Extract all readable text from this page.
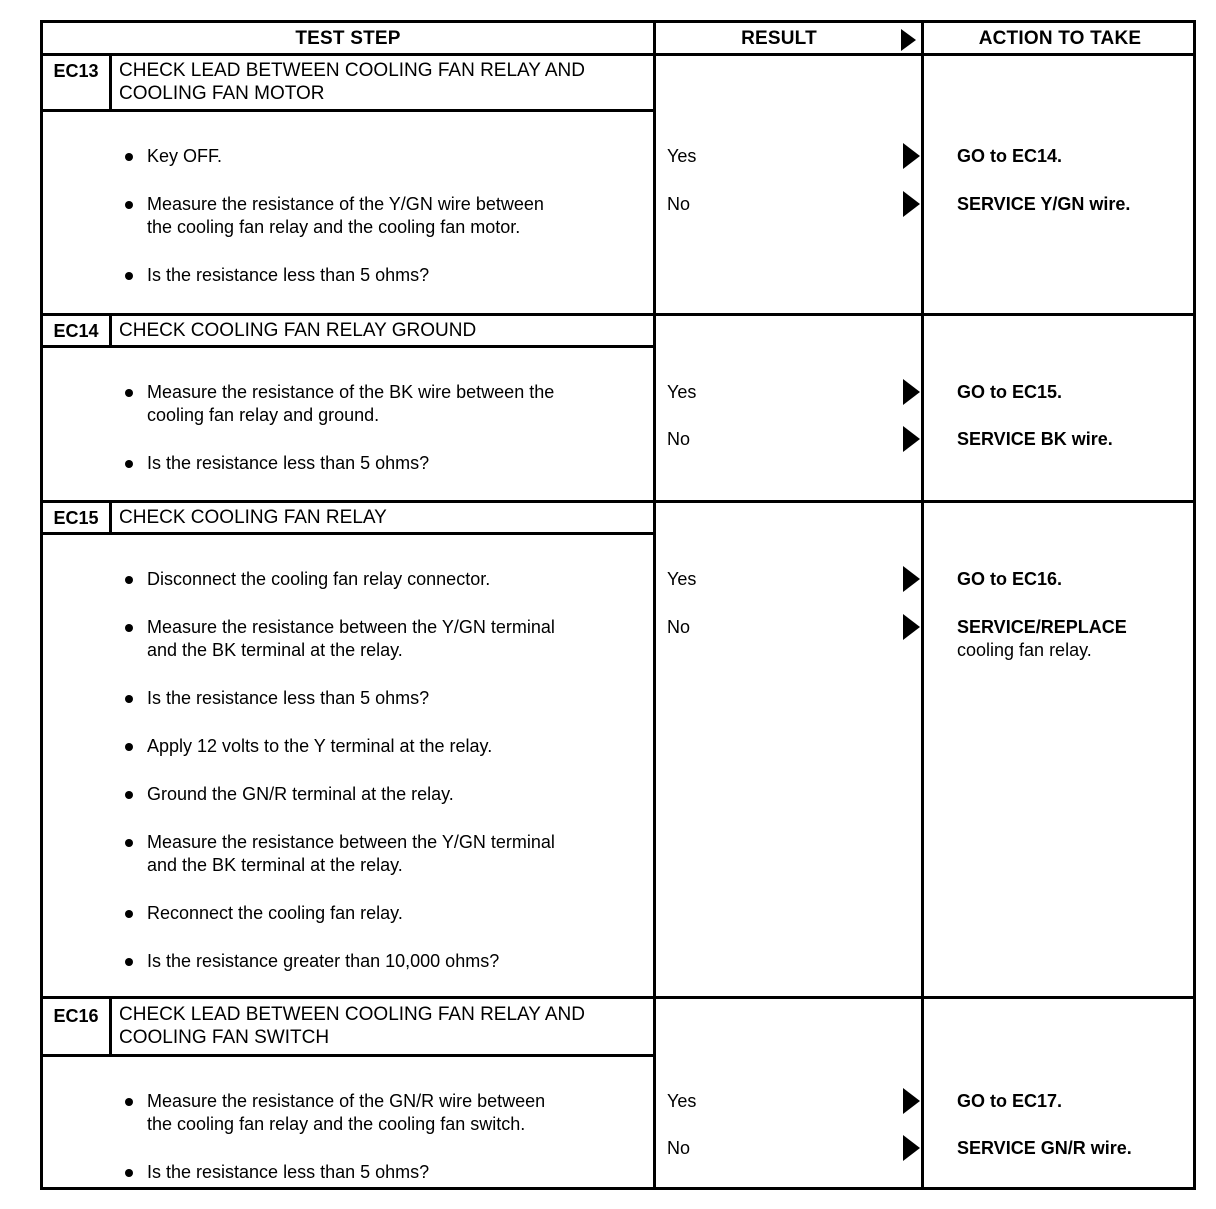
TEST STEP	RESULT	ACTION TO TAKE
EC13	CHECK LEAD BETWEEN COOLING FAN RELAY AND
COOLING FAN MOTOR
Key OFF.
Measure the resistance of the Y/GN wire between the cooling fan relay and the cooling fan motor.
Is the resistance less than 5 ohms?
Yes	GO to EC14.
No	SERVICE Y/GN wire.
EC14	CHECK COOLING FAN RELAY GROUND
Measure the resistance of the BK wire between the cooling fan relay and ground.
Is the resistance less than 5 ohms?
Yes	GO to EC15.
No	SERVICE BK wire.
EC15	CHECK COOLING FAN RELAY
Disconnect the cooling fan relay connector.
Measure the resistance between the Y/GN terminal and the BK terminal at the relay.
Is the resistance less than 5 ohms?
Apply 12 volts to the Y terminal at the relay.
Ground the GN/R terminal at the relay.
Measure the resistance between the Y/GN terminal and the BK terminal at the relay.
Reconnect the cooling fan relay.
Is the resistance greater than 10,000 ohms?
Yes	GO to EC16.
No	SERVICE/REPLACE
cooling fan relay.
EC16	CHECK LEAD BETWEEN COOLING FAN RELAY AND
COOLING FAN SWITCH
Measure the resistance of the GN/R wire between the cooling fan relay and the cooling fan switch.
Is the resistance less than 5 ohms?
Yes	GO to EC17.
No	SERVICE GN/R wire.
